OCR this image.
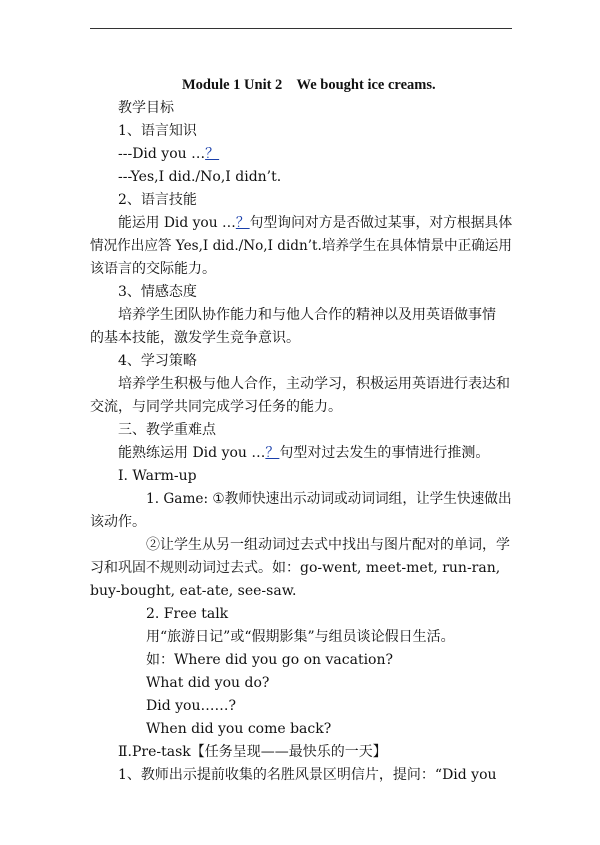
Module 1 Unit 2    We bought ice creams.
教学目标
1、语言知识
---Did you …？
---Yes,I did./No,I didn’t.
2、语言技能
能运用 Did you …？句型询问对方是否做过某事，对方根据具体
情况作出应答 Yes,I did./No,I didn’t.培养学生在具体情景中正确运用
该语言的交际能力。
3、情感态度
培养学生团队协作能力和与他人合作的精神以及用英语做事情
的基本技能，激发学生竞争意识。
4、学习策略
培养学生积极与他人合作，主动学习，积极运用英语进行表达和
交流，与同学共同完成学习任务的能力。
三、教学重难点
能熟练运用 Did you …？句型对过去发生的事情进行推测。
Ⅰ. Warm-up
1. Game: ①教师快速出示动词或动词词组，让学生快速做出
该动作。
②让学生从另一组动词过去式中找出与图片配对的单词，学
习和巩固不规则动词过去式。如：go-went, meet-met, run-ran,
buy-bought, eat-ate, see-saw.
2. Free talk
用“旅游日记”或“假期影集”与组员谈论假日生活。
如：Where did you go on vacation?
What did you do?
Did you……?
When did you come back?
Ⅱ.Pre-task【任务呈现——最快乐的一天】
1、教师出示提前收集的名胜风景区明信片，提问：“Did you
